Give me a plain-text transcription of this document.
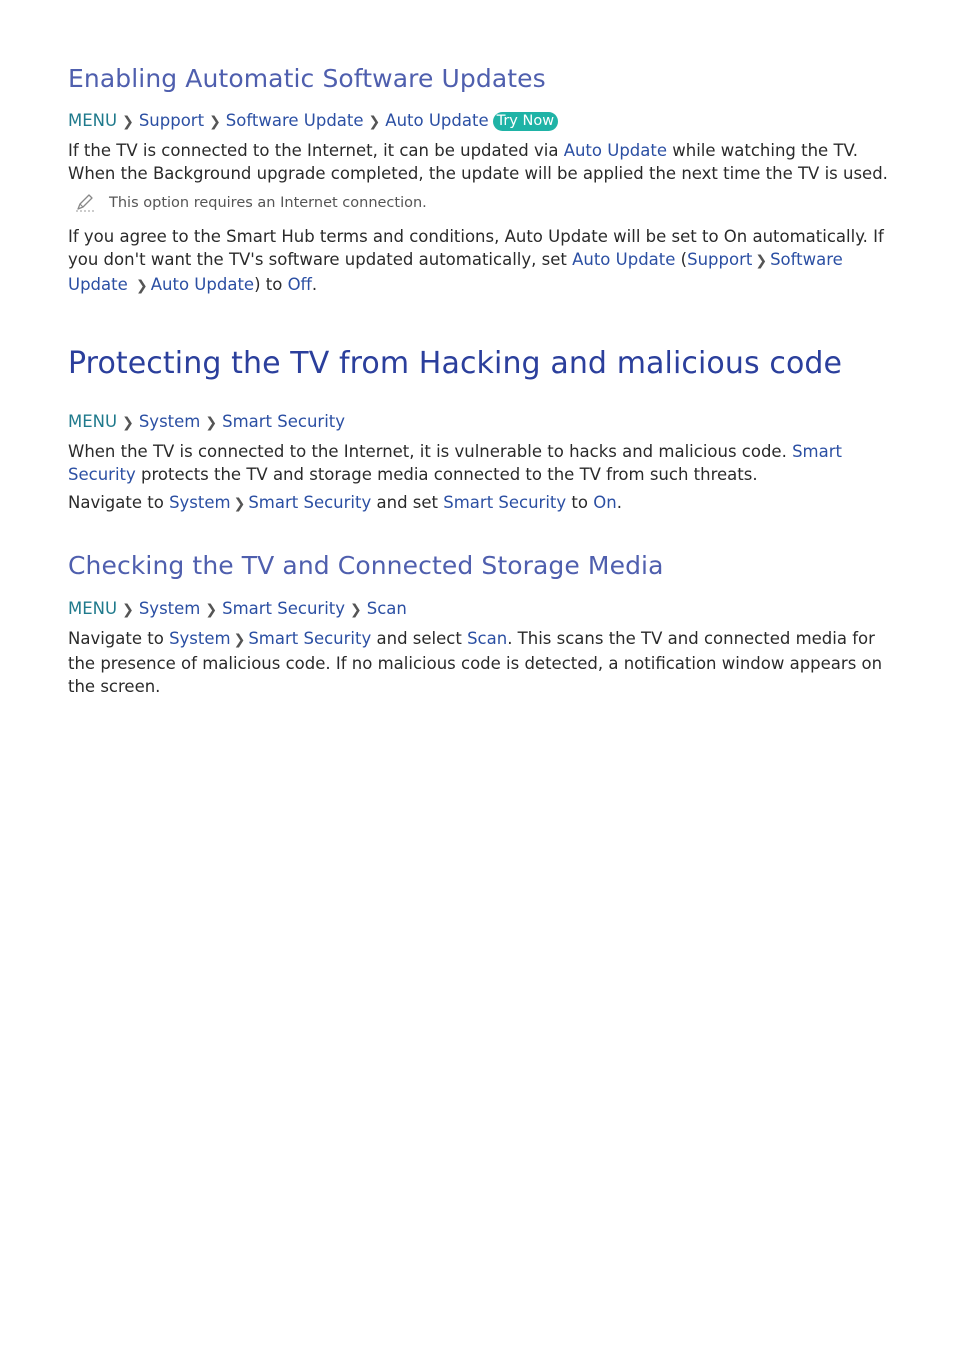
Enabling Automatic Software Updates
MENU ❯ Support ❯ Software Update ❯ Auto Update Try Now

If the TV is connected to the Internet, it can be updated via Auto Update while watching the TV. When the Background upgrade completed, the update will be applied the next time the TV is used.

This option requires an Internet connection.

If you agree to the Smart Hub terms and conditions, Auto Update will be set to On automatically. If you don't want the TV's software updated automatically, set Auto Update (Support ❯ Software Update ❯ Auto Update) to Off.

Protecting the TV from Hacking and malicious code
MENU ❯ System ❯ Smart Security

When the TV is connected to the Internet, it is vulnerable to hacks and malicious code. Smart Security protects the TV and storage media connected to the TV from such threats.

Navigate to System ❯ Smart Security and set Smart Security to On.

Checking the TV and Connected Storage Media
MENU ❯ System ❯ Smart Security ❯ Scan

Navigate to System ❯ Smart Security and select Scan. This scans the TV and connected media for the presence of malicious code. If no malicious code is detected, a notification window appears on the screen.
